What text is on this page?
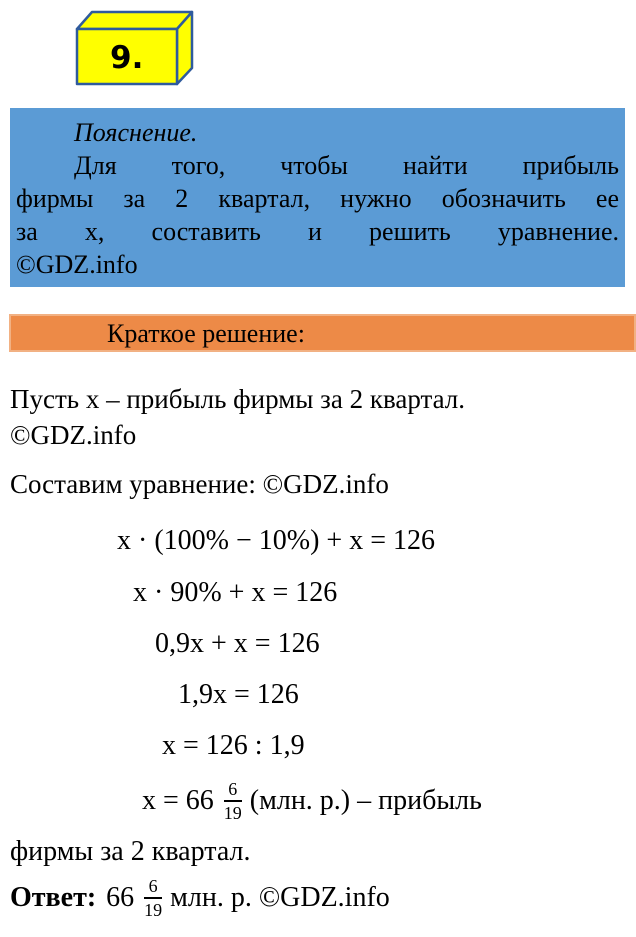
9.
Пояснение.
Для того, чтобы найти прибыль
фирмы за 2 квартал, нужно обозначить ее
за х, составить и решить уравнение.
©GDZ.info
Краткое решение:
Пусть х – прибыль фирмы за 2 квартал.
©GDZ.info
Составим уравнение: ©GDZ.info
х · (100% − 10%) + х = 126
х · 90% + х = 126
0,9х + х = 126
1,9х = 126
х = 126 : 1,9
$х = 66 \frac{6}{19} (млн$. р.) – прибыль
фирмы за 2 квартал.
Ответ: $66 \frac{6}{19}$ млн. р. ©GDZ.info
